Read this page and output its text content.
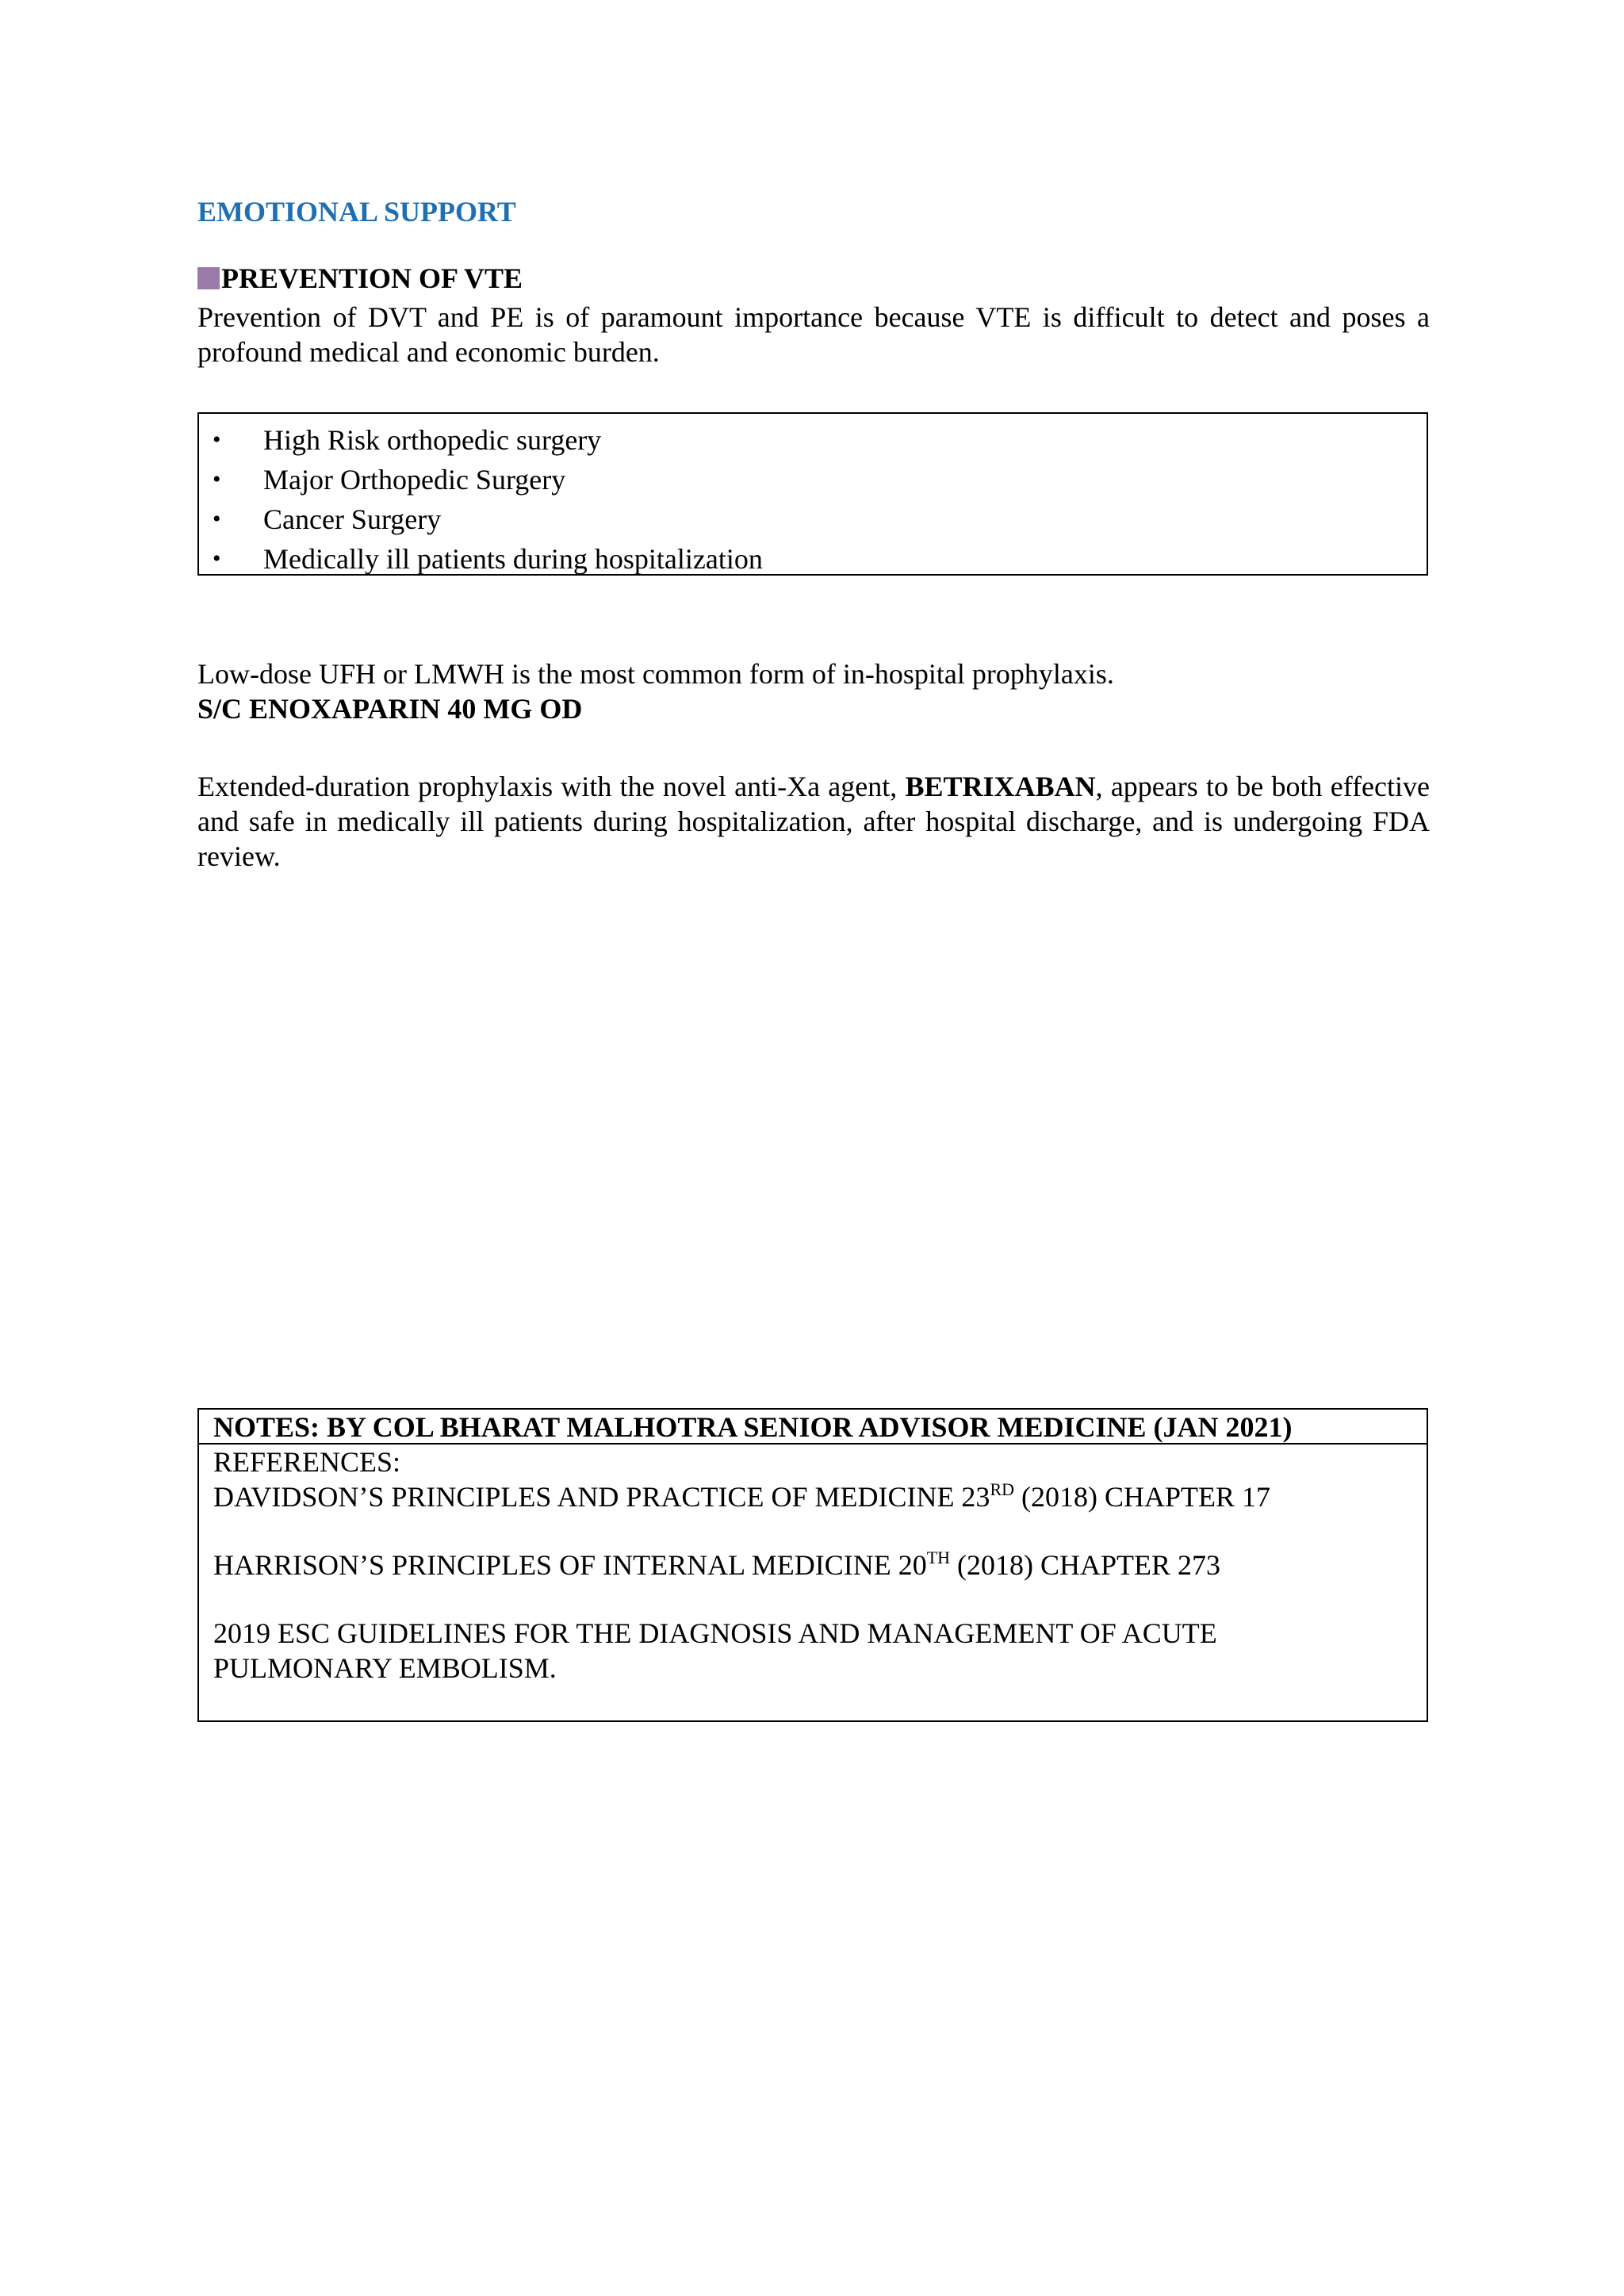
EMOTIONAL SUPPORT
PREVENTION OF VTE

Prevention of DVT and PE is of paramount importance because VTE is difficult to detect and poses a profound medical and economic burden.

• High Risk orthopedic surgery
• Major Orthopedic Surgery
• Cancer Surgery
• Medically ill patients during hospitalization

Low-dose UFH or LMWH is the most common form of in-hospital prophylaxis.

S/C ENOXAPARIN 40 MG OD

Extended-duration prophylaxis with the novel anti-Xa agent, BETRIXABAN, appears to be both effective and safe in medically ill patients during hospitalization, after hospital discharge, and is undergoing FDA review.

NOTES: BY COL BHARAT MALHOTRA SENIOR ADVISOR MEDICINE (JAN 2021)

REFERENCES:

DAVIDSON’S PRINCIPLES AND PRACTICE OF MEDICINE 23RD (2018) CHAPTER 17

HARRISON’S PRINCIPLES OF INTERNAL MEDICINE 20TH (2018) CHAPTER 273

2019 ESC GUIDELINES FOR THE DIAGNOSIS AND MANAGEMENT OF ACUTE

PULMONARY EMBOLISM.
